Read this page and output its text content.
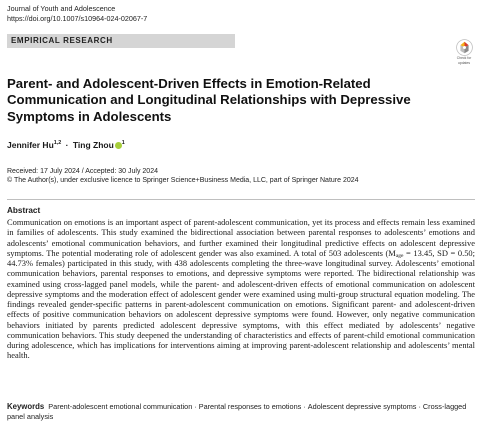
Journal of Youth and Adolescence
https://doi.org/10.1007/s10964-024-02067-7
EMPIRICAL RESEARCH
Check for
updates
Parent- and Adolescent-Driven Effects in Emotion-Related Communication and Longitudinal Relationships with Depressive Symptoms in Adolescents
Jennifer Hu$^{1,2}$ · Ting Zhou $^1$
Received: 17 July 2024 / Accepted: 30 July 2024
© The Author(s), under exclusive licence to Springer Science+Business Media, LLC, part of Springer Nature 2024
Abstract
Communication on emotions is an important aspect of parent-adolescent communication, yet its process and effects remain less examined in families of adolescents. This study examined the bidirectional association between parental responses to adolescents’ emotions and adolescents’ emotional communication behaviors, and further examined their longitudinal predictive effects on adolescent depressive symptoms. The potential moderating role of adolescent gender was also examined. A total of 503 adolescents ($M_{age} = 13.45$, SD = 0.50; 44.73% females) participated in this study, with 438 adolescents completing the three-wave longitudinal survey. Adolescents’ emotional communication behaviors, parental responses to emotions, and depressive symptoms were reported. The bidirectional relationship was examined using cross-lagged panel models, while the parent- and adolescent-driven effects of emotional communication on adolescent depressive symptoms and the moderation effect of adolescent gender were examined using multi-group structural equation modeling. The findings revealed gender-specific patterns in parent-adolescent communication on emotions. Significant parent- and adolescent-driven effects of positive communication behaviors on adolescent depressive symptoms were found. However, only negative communication behaviors initiated by parents predicted adolescent depressive symptoms, with this effect mediated by adolescents’ negative communication behaviors. This study deepened the understanding of characteristics and effects of parent-child emotional communication during adolescence, which has implications for interventions aiming at improving parent-adolescent relationship and adolescents’ mental health.
Keywords Parent-adolescent emotional communication · Parental responses to emotions · Adolescent depressive symptoms · Cross-lagged panel analysis
